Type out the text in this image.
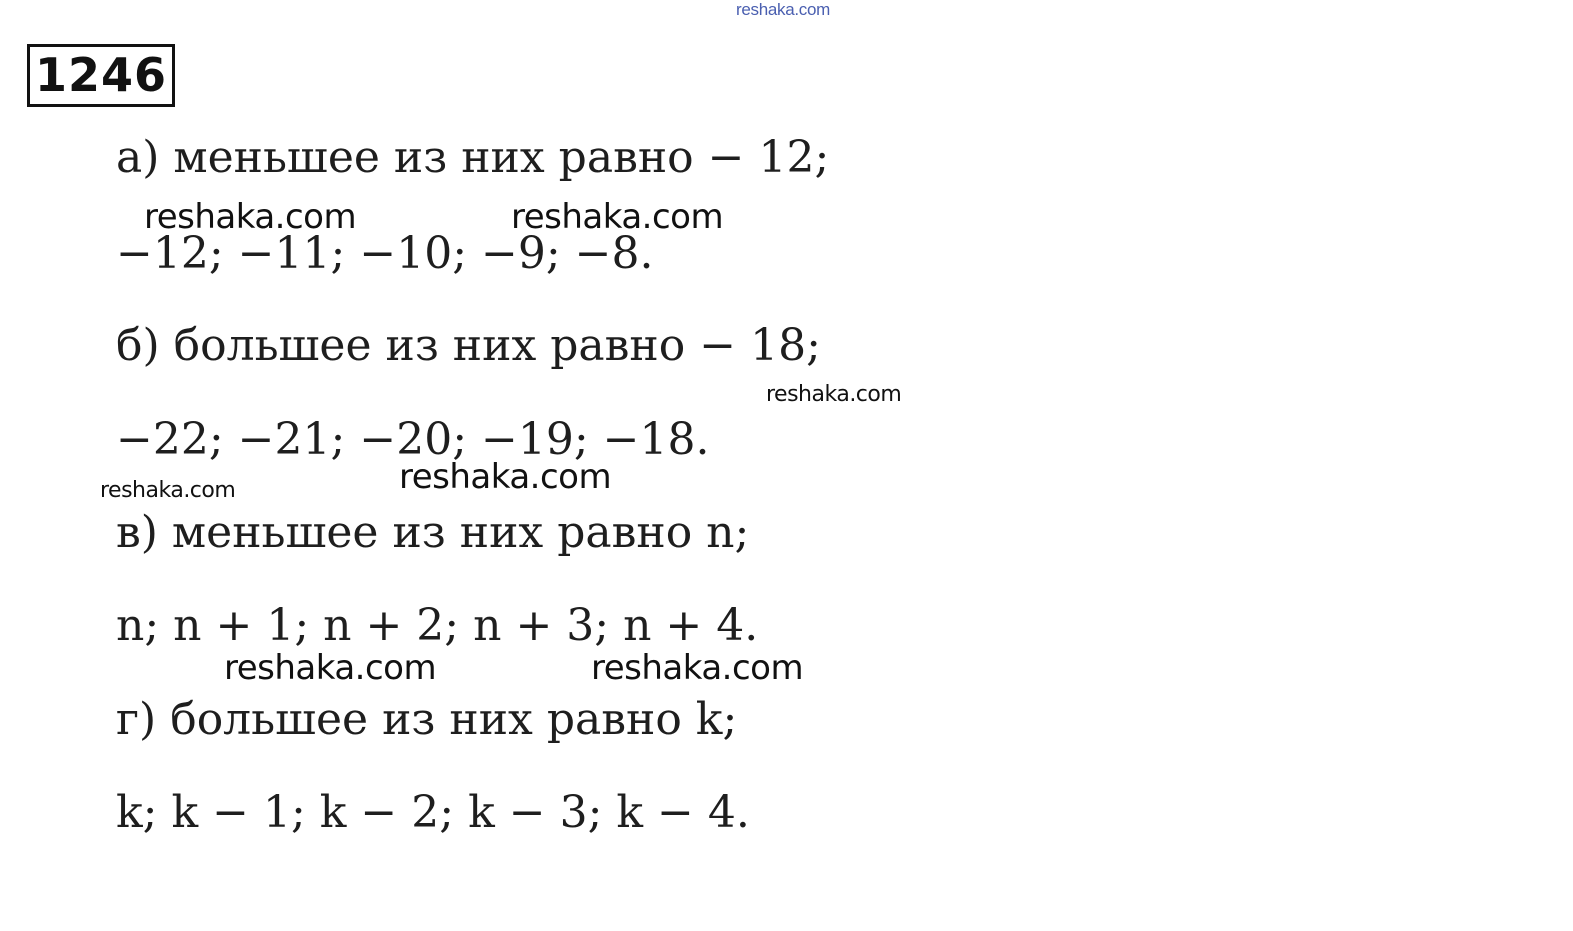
reshaka.com
1246
а) меньшее из них равно − 12;
−12; −11; −10; −9; −8.
б) большее из них равно − 18;
−22; −21; −20; −19; −18.
в) меньшее из них равно n;
n; n + 1; n + 2; n + 3; n + 4.
г) большее из них равно k;
k; k − 1; k − 2; k − 3; k − 4.
reshaka.com	reshaka.com
reshaka.com
reshaka.com
reshaka.com
reshaka.com	reshaka.com
